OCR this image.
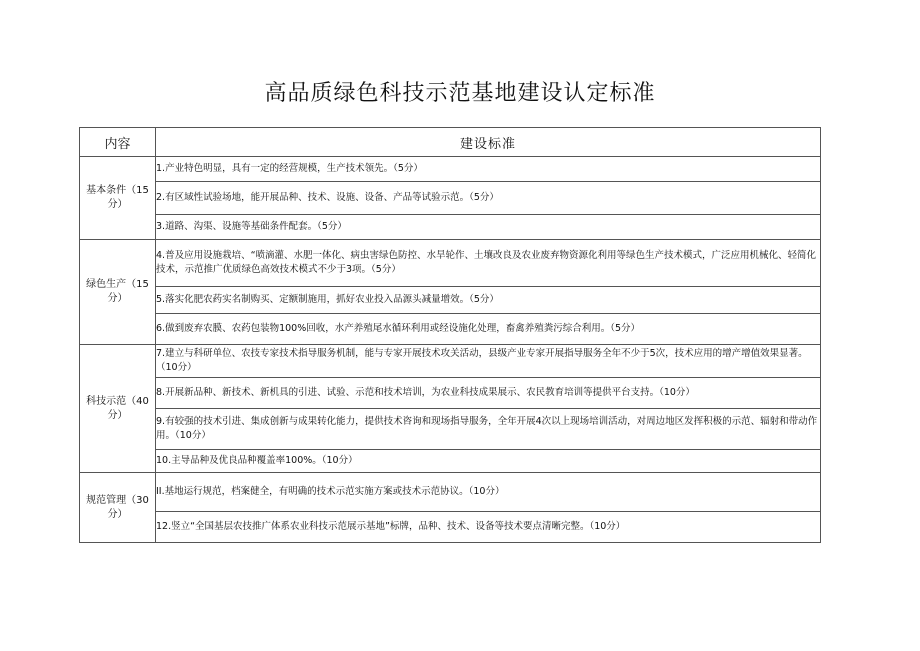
高品质绿色科技示范基地建设认定标准
内容	建设标准
基本条件（15分）	1.产业特色明显，具有一定的经营规模，生产技术领先。（5分）
	2.有区域性试验场地，能开展品种、技术、设施、设备、产品等试验示范。（5分）
	3.道路、沟渠、设施等基础条件配套。（5分）
绿色生产（15分）	4.普及应用设施栽培、“喷滴灌、水肥一体化、病虫害绿色防控、水旱轮作、土壤改良及农业废弃物资源化利用等绿色生产技术模式，广泛应用机械化、轻简化技术，示范推广优质绿色高效技术模式不少于3项。（5分）
	5.落实化肥农药实名制购买、定额制施用，抓好农业投入品源头减量增效。（5分）
	6.做到废弃农膜、农药包装物100%回收，水产养殖尾水循环利用或经设施化处理，畜禽养殖粪污综合利用。（5分）
科技示范（40分）	7.建立与科研单位、农技专家技术指导服务机制，能与专家开展技术攻关活动，县级产业专家开展指导服务全年不少于5次，技术应用的增产增值效果显著。（10分）
	8.开展新品种、新技术、新机具的引进、试验、示范和技术培训，为农业科技成果展示、农民教育培训等提供平台支持。（10分）
	9.有较强的技术引进、集成创新与成果转化能力，提供技术咨询和现场指导服务，全年开展4次以上现场培训活动，对周边地区发挥积极的示范、辐射和带动作用。（10分）
	10.主导品种及优良品种覆盖率100%。（10分）
规范管理（30分）	II.基地运行规范，档案健全，有明确的技术示范实施方案或技术示范协议。（10分）
	12.竖立“全国基层农技推广体系农业科技示范展示基地”标牌，品种、技术、设备等技术要点清晰完整。（10分）
